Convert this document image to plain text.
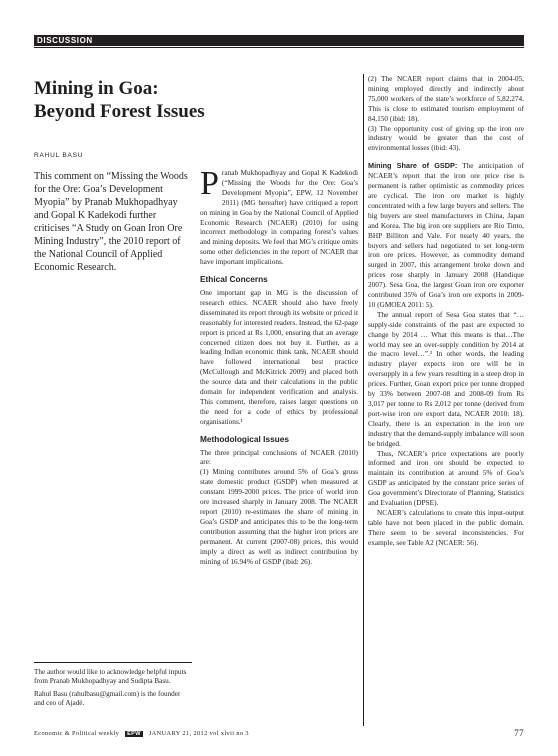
DISCUSSION
Mining in Goa:
Beyond Forest Issues
RAHUL BASU

This comment on “Missing the Woods for the Ore: Goa’s Development Myopia” by Pranab Mukhopadhyay and Gopal K Kadekodi further criticises “A Study on Goan Iron Ore Mining Industry”, the 2010 report of the National Council of Applied Economic Research.

The author would like to acknowledge helpful inputs from Pranab Mukhopadhyay and Sudipta Basu.

Rahul Basu (rahulbasu@gmail.com) is the founder and ceo of Ajadé.

P ranab Mukhopadhyay and Gopal K Kadekodi (“Missing the Woods for the Ore: Goa’s Development Myopia”, EPW, 12 November 2011) (MG hereafter) have critiqued a report on mining in Goa by the National Council of Applied Economic Research (NCAER) (2010) for using incorrect methodology in comparing forest’s values and mining deposits. We feel that MG’s critique omits some other deficiencies in the report of NCAER that have important implications.

Ethical Concerns

One important gap in MG is the discussion of research ethics. NCAER should also have freely disseminated its report through its website or priced it reasonably for interested readers. Instead, the 62-page report is priced at Rs 1,000, ensuring that an average concerned citizen does not buy it. Further, as a leading Indian economic think tank, NCAER should have followed international best practice (McCullough and McKitrick 2009) and placed both the source data and their calculations in the public domain for independent verification and analysis. This comment, therefore, raises larger questions on the need for a code of ethics by professional organisations.¹

Methodological Issues

The three principal conclusions of NCAER (2010) are:

(1) Mining contributes around 5% of Goa’s gross state domestic product (GSDP) when measured at constant 1999-2000 prices. The price of world iron ore increased sharply in January 2008. The NCAER report (2010) re-estimates the share of mining in Goa’s GSDP and anticipates this to be the long-term contribution assuming that the higher iron prices are permanent. At current (2007-08) prices, this would imply a direct as well as indirect contribution by mining of 16.94% of GSDP (ibid: 26).

(2) The NCAER report claims that in 2004-05, mining employed directly and indirectly about 75,000 workers of the state’s workforce of 5,82,274. This is close to estimated tourism employment of 84,150 (ibid: 18).

(3) The opportunity cost of giving up the iron ore industry would be greater than the cost of environmental losses (ibid: 43).

Mining Share of GSDP: The anticipation of NCAER’s report that the iron ore price rise is permanent is rather optimistic as commodity prices are cyclical. The iron ore market is highly concentrated with a few large buyers and sellers. The big buyers are steel manufacturers in China, Japan and Korea. The big iron ore suppliers are Rio Tinto, BHP Billiton and Vale. For nearly 40 years, the buyers and sellers had negotiated to set long-term iron ore prices. However, as commodity demand surged in 2007, this arrangement broke down and prices rose sharply in January 2008 (Handique 2007). Sesa Goa, the largest Goan iron ore exporter contributed 35% of Goa’s iron ore exports in 2009-10 (GMOEA 2011: 5).

The annual report of Sesa Goa states that “…supply-side constraints of the past are expected to change by 2014 … What this means is that…The world may see an over-supply condition by 2014 at the macro level…”.² In other words, the leading industry player expects iron ore will be in oversupply in a few years resulting in a steep drop in prices. Further, Goan export price per tonne dropped by 33% between 2007-08 and 2008-09 from Rs 3,017 per tonne to Rs 2,012 per tonne (derived from port-wise iron ore export data, NCAER 2010: 18). Clearly, there is an expectation in the iron ore industry that the demand-supply imbalance will soon be bridged.

Thus, NCAER’s price expectations are poorly informed and iron ore should be expected to maintain its contribution at around 5% of Goa’s GSDP as anticipated by the constant price series of Goa government’s Directorate of Planning, Statistics and Evaluation (DPSE).

NCAER’s calculations to create this input-output table have not been placed in the public domain. There seem to be several inconsistencies. For example, see Table A2 (NCAER: 56).

Economic & Political weekly EPW JANUARY 21, 2012 vol xlvii no 3	77
